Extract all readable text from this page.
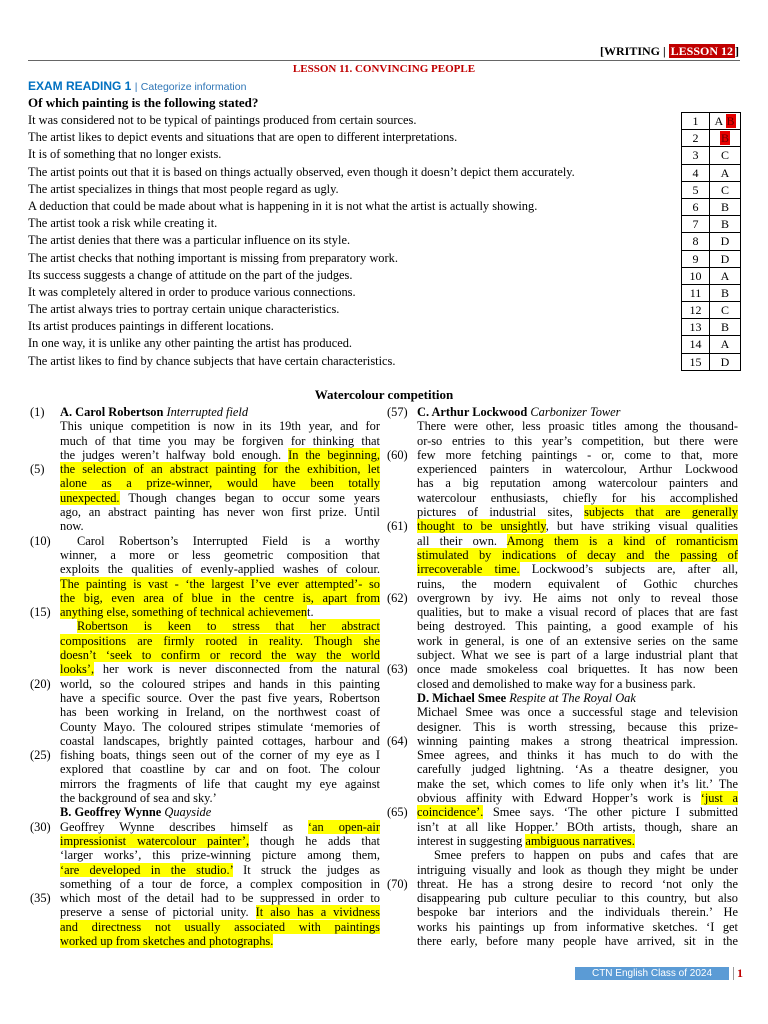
[WRITING | LESSON 12 ]
LESSON 11. CONVINCING PEOPLE
EXAM READING 1 | Categorize information
Of which painting is the following stated?
It was considered not to be typical of paintings produced from certain sources.
The artist likes to depict events and situations that are open to different interpretations.
It is of something that no longer exists.
The artist points out that it is based on things actually observed, even though it doesn’t depict them accurately.
The artist specializes in things that most people regard as ugly.
A deduction that could be made about what is happening in it is not what the artist is actually showing.
The artist took a risk while creating it.
The artist denies that there was a particular influence on its style.
The artist checks that nothing important is missing from preparatory work.
Its success suggests a change of attitude on the part of the judges.
It was completely altered in order to produce various connections.
The artist always tries to portray certain unique characteristics.
Its artist produces paintings in different locations.
In one way, it is unlike any other painting the artist has produced.
The artist likes to find by chance subjects that have certain characteristics.
1	A B
2	B
3	C
4	A
5	C
6	B
7	B
8	D
9	D
10	A
11	B
12	C
13	B
14	A
15	D
Watercolour competition
(1) A. Carol Robertson Interrupted field
This unique competition is now in its 19th year, and for
much of that time you may be forgiven for thinking that
the judges weren’t halfway bold enough. In the beginning,
(5) the selection of an abstract painting for the exhibition, let
alone as a prize-winner, would have been totally
unexpected. Though changes began to occur some years
ago, an abstract painting has never won first prize. Until
now.
(10)	Carol Robertson’s Interrupted Field is a worthy
winner, a more or less geometric composition that
exploits the qualities of evenly-applied washes of colour.
The painting is vast - ‘the largest I’ve ever attempted’- so
the big, even area of blue in the centre is, apart from
(15) anything else, something of technical achievement.
Robertson is keen to stress that her abstract
compositions are firmly rooted in reality. Though she
doesn’t ‘seek to confirm or record the way the world
looks’, her work is never disconnected from the natural
(20) world, so the coloured stripes and hands in this painting
have a specific source. Over the past five years, Robertson
has been working in Ireland, on the northwest coast of
County Mayo. The coloured stripes stimulate ‘memories of
coastal landscapes, brightly painted cottages, harbour and
(25) fishing boats, things seen out of the corner of my eye as I
explored that coastline by car and on foot. The colour
mirrors the fragments of life that caught my eye against
the background of sea and sky.’
B. Geoffrey Wynne Quayside
(30) Geoffrey Wynne describes himself as ‘an open-air
impressionist watercolour painter’, though he adds that
‘larger works’, this prize-winning picture among them,
‘are developed in the studio.’ It struck the judges as
something of a tour de force, a complex composition in
(35) which most of the detail had to be suppressed in order to
preserve a sense of pictorial unity. It also has a vividness
and directness not usually associated with paintings
worked up from sketches and photographs.
(57) C. Arthur Lockwood Carbonizer Tower
There were other, less proasic titles among the thousand-
or-so entries to this year’s competition, but there were
(60) few more fetching paintings - or, come to that, more
experienced painters in watercolour, Arthur Lockwood
has a big reputation among watercolour painters and
watercolour enthusiasts, chiefly for his accomplished
pictures of industrial sites, subjects that are generally
(61) thought to be unsightly, but have striking visual qualities
all their own. Among them is a kind of romanticism
stimulated by indications of decay and the passing of
irrecoverable time. Lockwood’s subjects are, after all,
ruins, the modern equivalent of Gothic churches
(62) overgrown by ivy. He aims not only to reveal those
qualities, but to make a visual record of places that are fast
being destroyed. This painting, a good example of his
work in general, is one of an extensive series on the same
subject. What we see is part of a large industrial plant that
(63) once made smokeless coal briquettes. It has now been
closed and demolished to make way for a business park.
D. Michael Smee Respite at The Royal Oak
Michael Smee was once a successful stage and television
designer. This is worth stressing, because this prize-
(64) winning painting makes a strong theatrical impression.
Smee agrees, and thinks it has much to do with the
carefully judged lightning. ‘As a theatre designer, you
make the set, which comes to life only when it’s lit.’ The
obvious affinity with Edward Hopper’s work is ‘just a
(65) coincidence’. Smee says. ‘The other picture I submitted
isn’t at all like Hopper.’ BOth artists, though, share an
interest in suggesting ambiguous narratives.
Smee prefers to happen on pubs and cafes that are
intriguing visually and look as though they might be under
(70) threat. He has a strong desire to record ‘not only the
disappearing pub culture peculiar to this country, but also
bespoke bar interiors and the individuals therein.’ He
works his paintings up from informative sketches. ‘I get
there early, before many people have arrived, sit in the
CTN English Class of 2024 1
